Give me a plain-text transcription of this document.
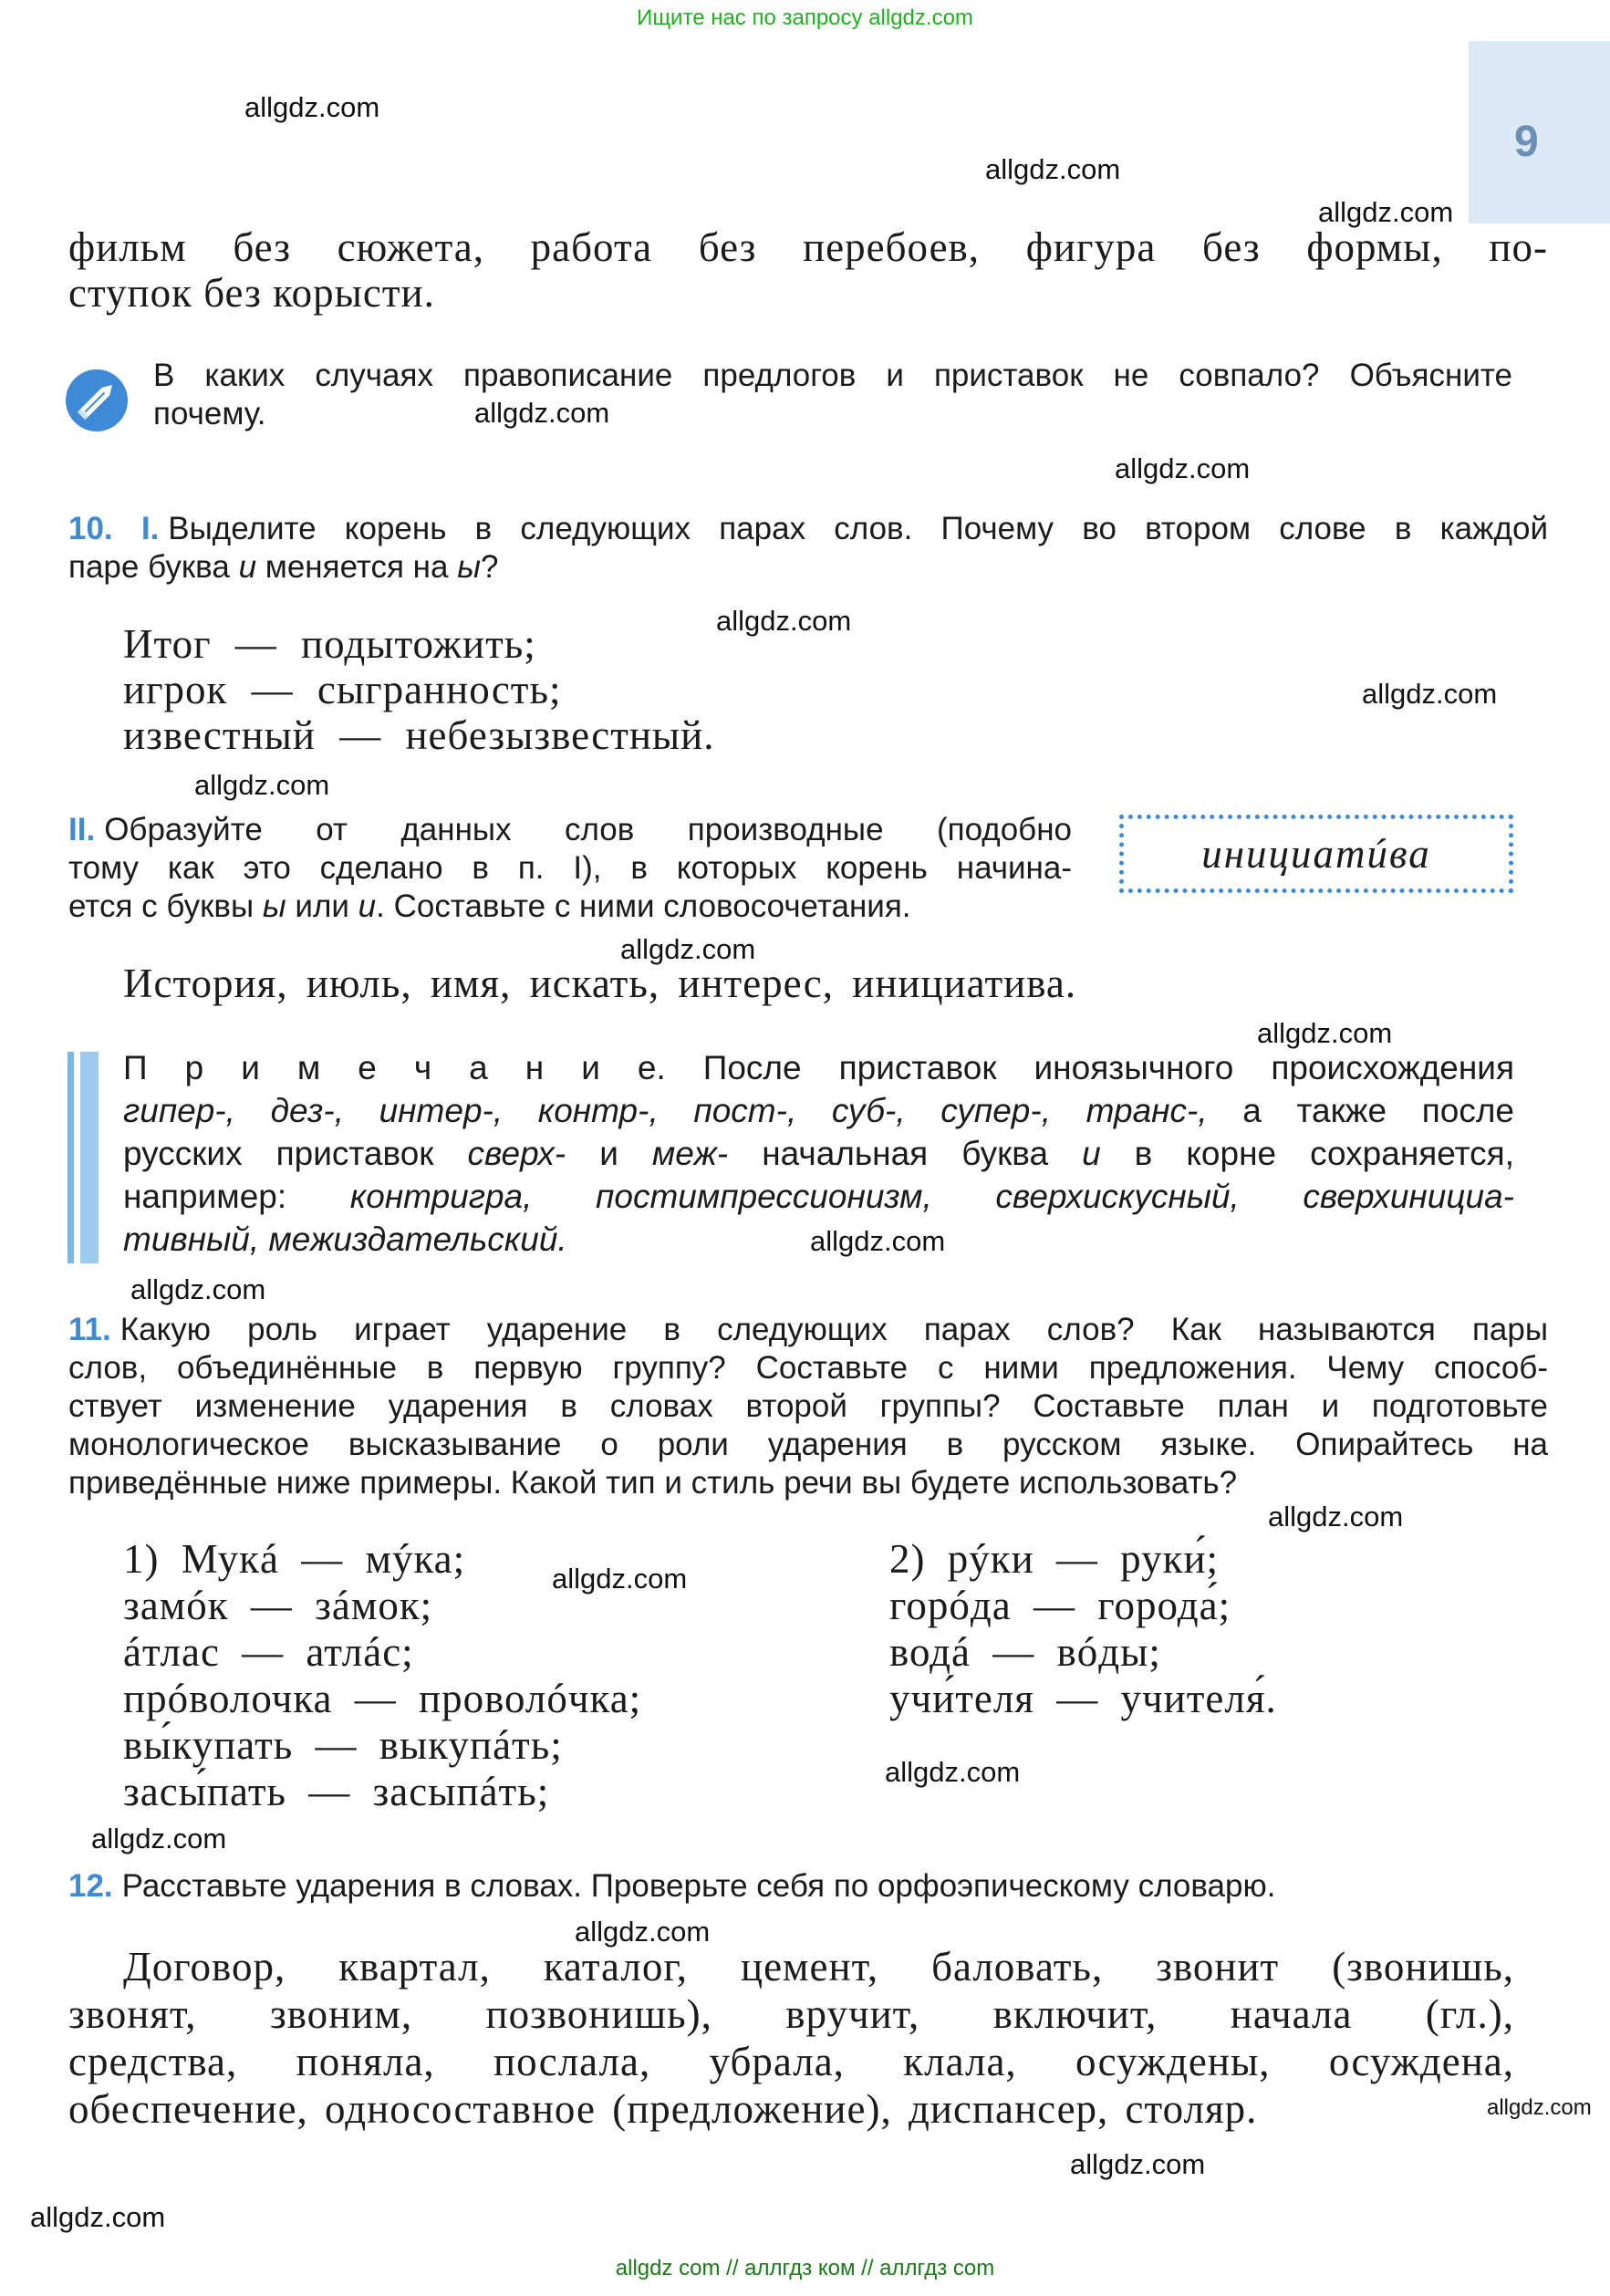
Ищите нас по запросу allgdz.com
9
allgdz.com
allgdz.com
allgdz.com
allgdz.com
allgdz.com
allgdz.com
allgdz.com
allgdz.com
allgdz.com
allgdz.com
allgdz.com
allgdz.com
allgdz.com
allgdz.com
allgdz.com
allgdz.com
allgdz.com
allgdz.com
allgdz.com
allgdz.com
фильм без сюжета, работа без перебоев, фигура без формы, по-
ступок без корысти.
В каких случаях правописание предлогов и приставок не совпало? Объясните
почему.
10. I. Выделите корень в следующих парах слов. Почему во втором слове в каждой
паре буква и меняется на ы?
Итог — подытожить;
игрок — сыгранность;
известный — небезызвестный.
II. Образуйте от данных слов производные (подобно
тому как это сделано в п. I), в которых корень начина-
ется с буквы ы или и. Составьте с ними словосочетания.
инициатúва
История, июль, имя, искать, интерес, инициатива.
П р и м е ч а н и е. После приставок иноязычного происхождения
гипер-, дез-, интер-, контр-, пост-, суб-, супер-, транс-, а также после
русских приставок сверх- и меж- начальная буква и в корне сохраняется,
например: контригра, постимпрессионизм, сверхискусный, сверхинициа-
тивный, межиздательский.
11. Какую роль играет ударение в следующих парах слов? Как называются пары
слов, объединённые в первую группу? Составьте с ними предложения. Чему способ-
ствует изменение ударения в словах второй группы? Составьте план и подготовьте
монологическое высказывание о роли ударения в русском языке. Опирайтесь на
приведённые ниже примеры. Какой тип и стиль речи вы будете использовать?
1) Мукá — мýка;
замóк — зáмок;
áтлас — атлáс;
прóволочка — проволóчка;
вы́купать — выкупáть;
засы́пать — засыпáть;
2) рýки — руки́;
горóда — города́;
водá — вóды;
учи́теля — учителя́.
12. Расставьте ударения в словах. Проверьте себя по орфоэпическому словарю.
Договор, квартал, каталог, цемент, баловать, звонит (звонишь,
звонят, звоним, позвонишь), вручит, включит, начала (гл.),
средства, поняла, послала, убрала, клала, осуждены, осуждена,
обеспечение, односоставное (предложение), диспансер, столяр.
allgdz com // аллгдз ком // аллгдз com
